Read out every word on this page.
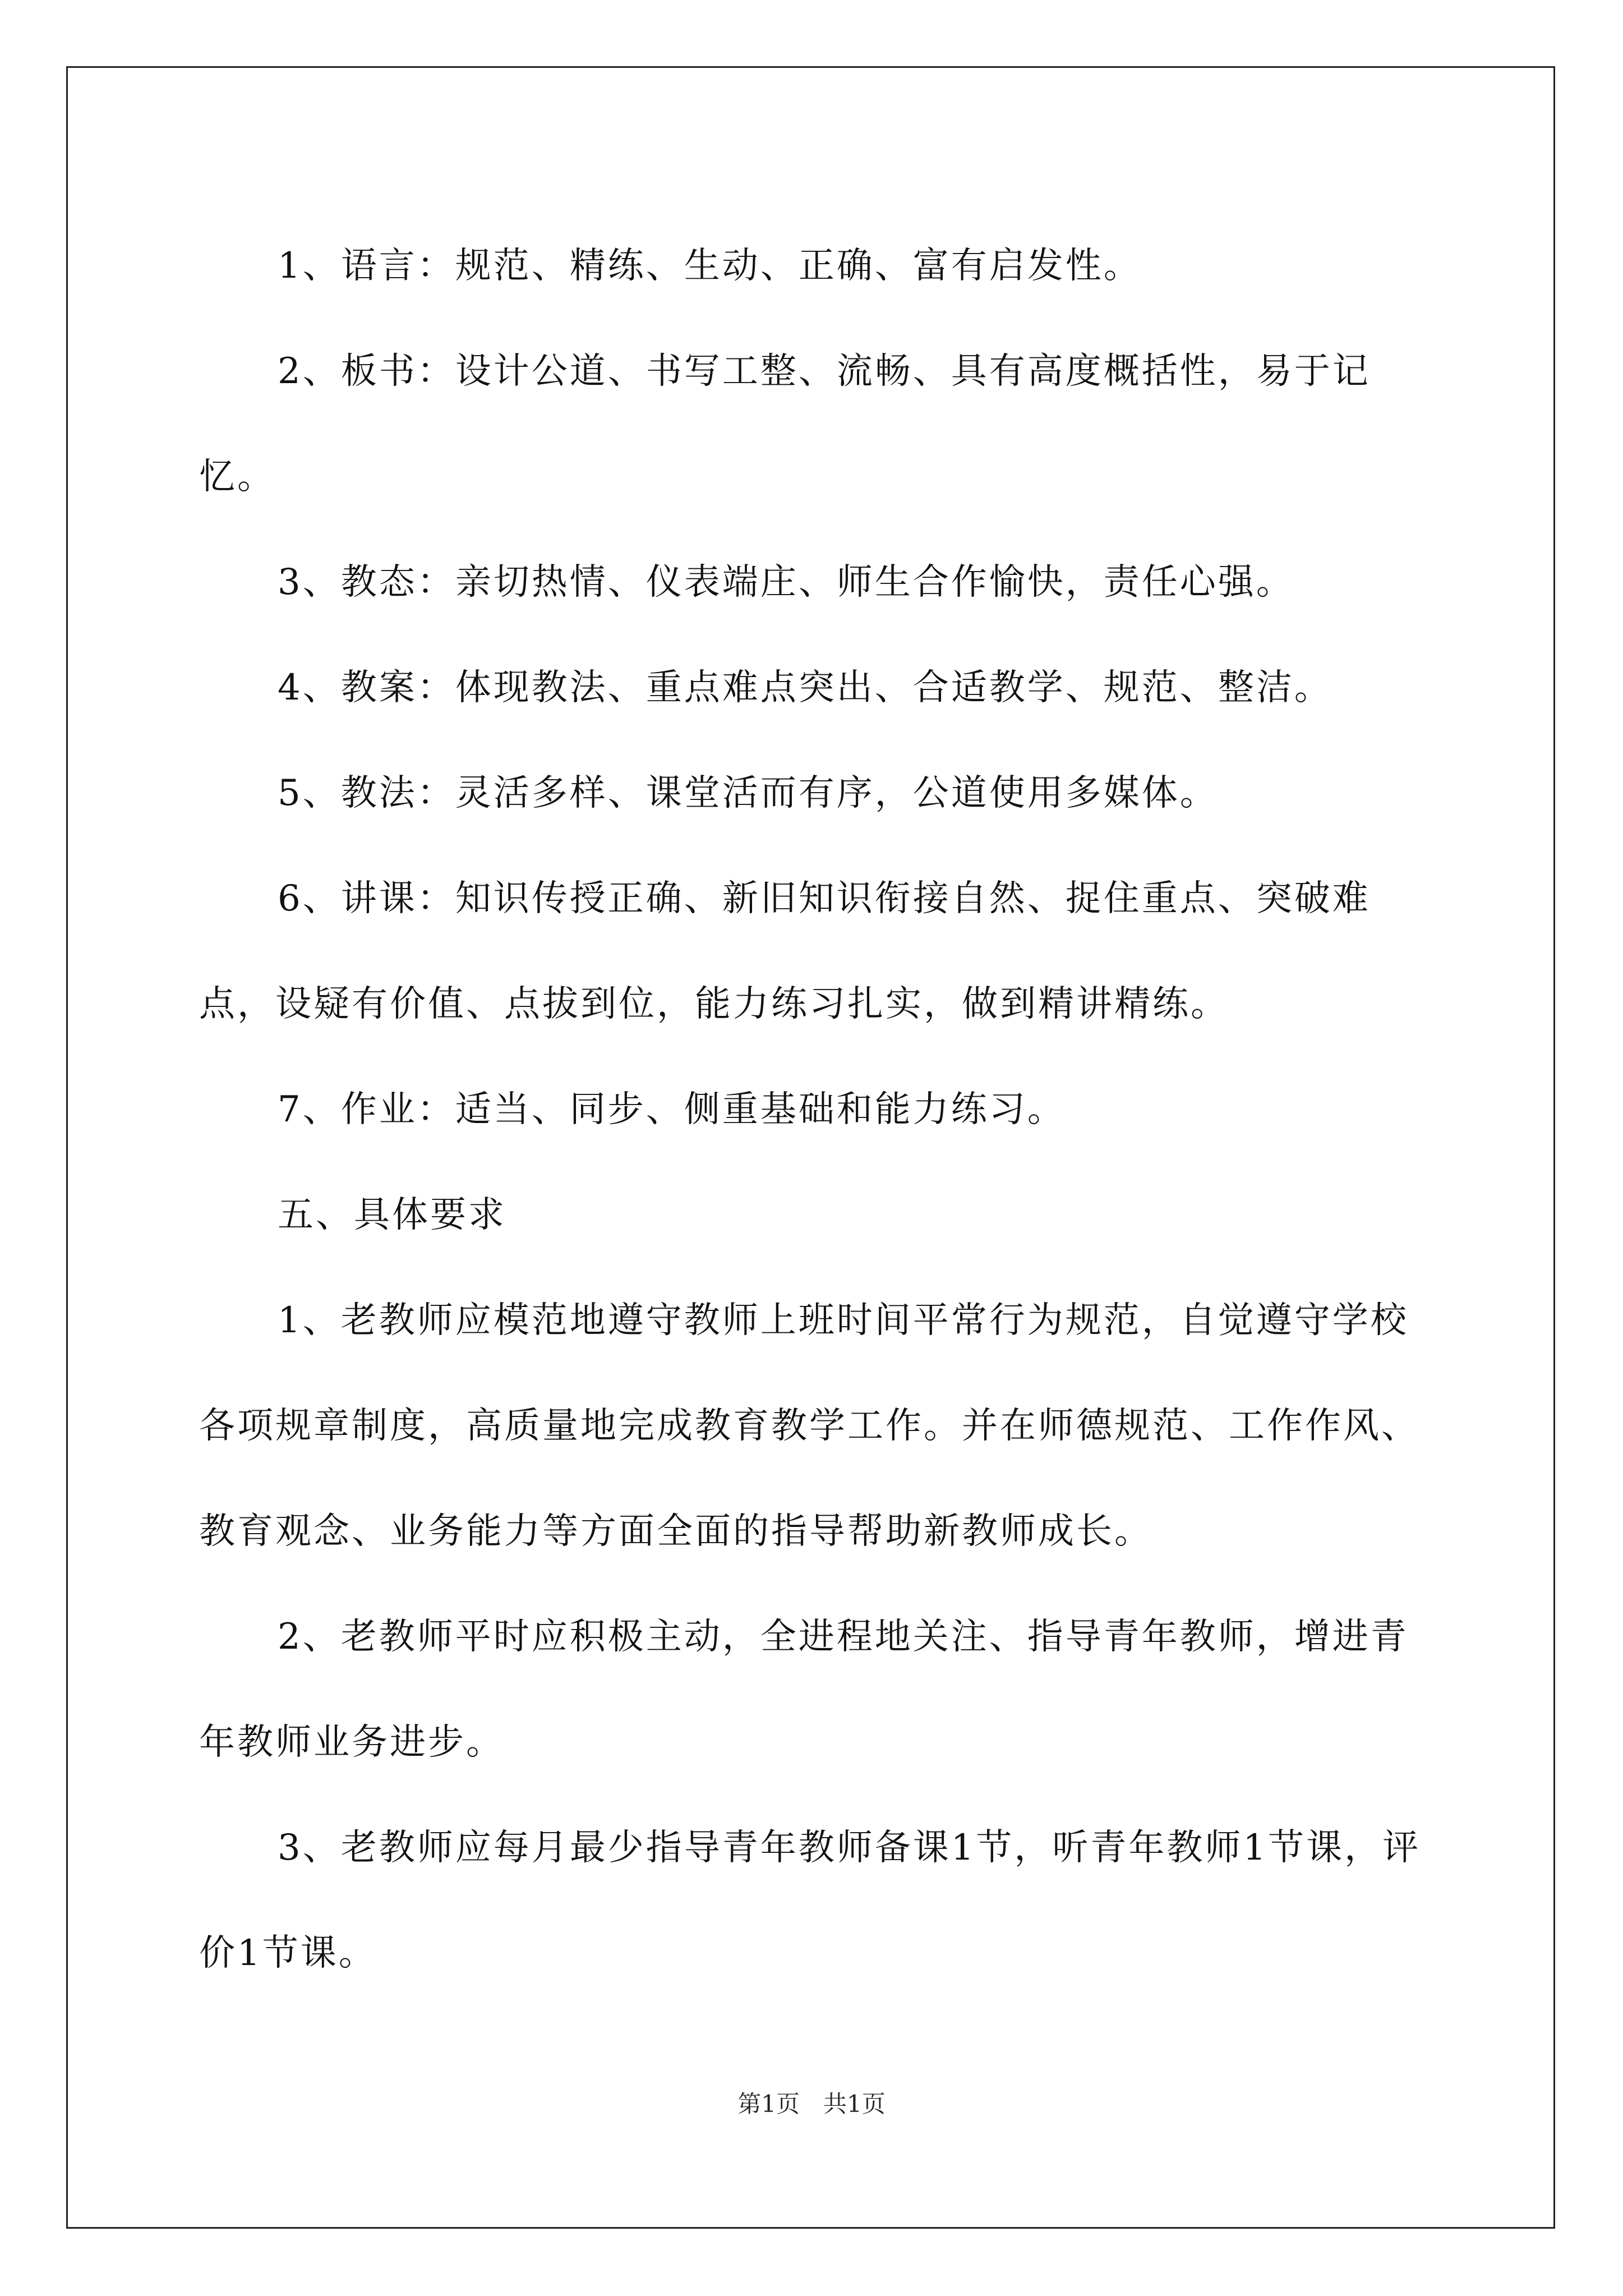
1、语言：规范、精练、生动、正确、富有启发性。

2、板书：设计公道、书写工整、流畅、具有高度概括性，易于记忆。

3、教态：亲切热情、仪表端庄、师生合作愉快，责任心强。

4、教案：体现教法、重点难点突出、合适教学、规范、整洁。

5、教法：灵活多样、课堂活而有序，公道使用多媒体。

6、讲课：知识传授正确、新旧知识衔接自然、捉住重点、突破难点，设疑有价值、点拔到位，能力练习扎实，做到精讲精练。

7、作业：适当、同步、侧重基础和能力练习。

五、具体要求

1、老教师应模范地遵守教师上班时间平常行为规范，自觉遵守学校各项规章制度，高质量地完成教育教学工作。并在师德规范、工作作风、教育观念、业务能力等方面全面的指导帮助新教师成长。

2、老教师平时应积极主动，全进程地关注、指导青年教师，增进青年教师业务进步。

3、老教师应每月最少指导青年教师备课1节，听青年教师1节课，评价1节课。

第1页　共1页
